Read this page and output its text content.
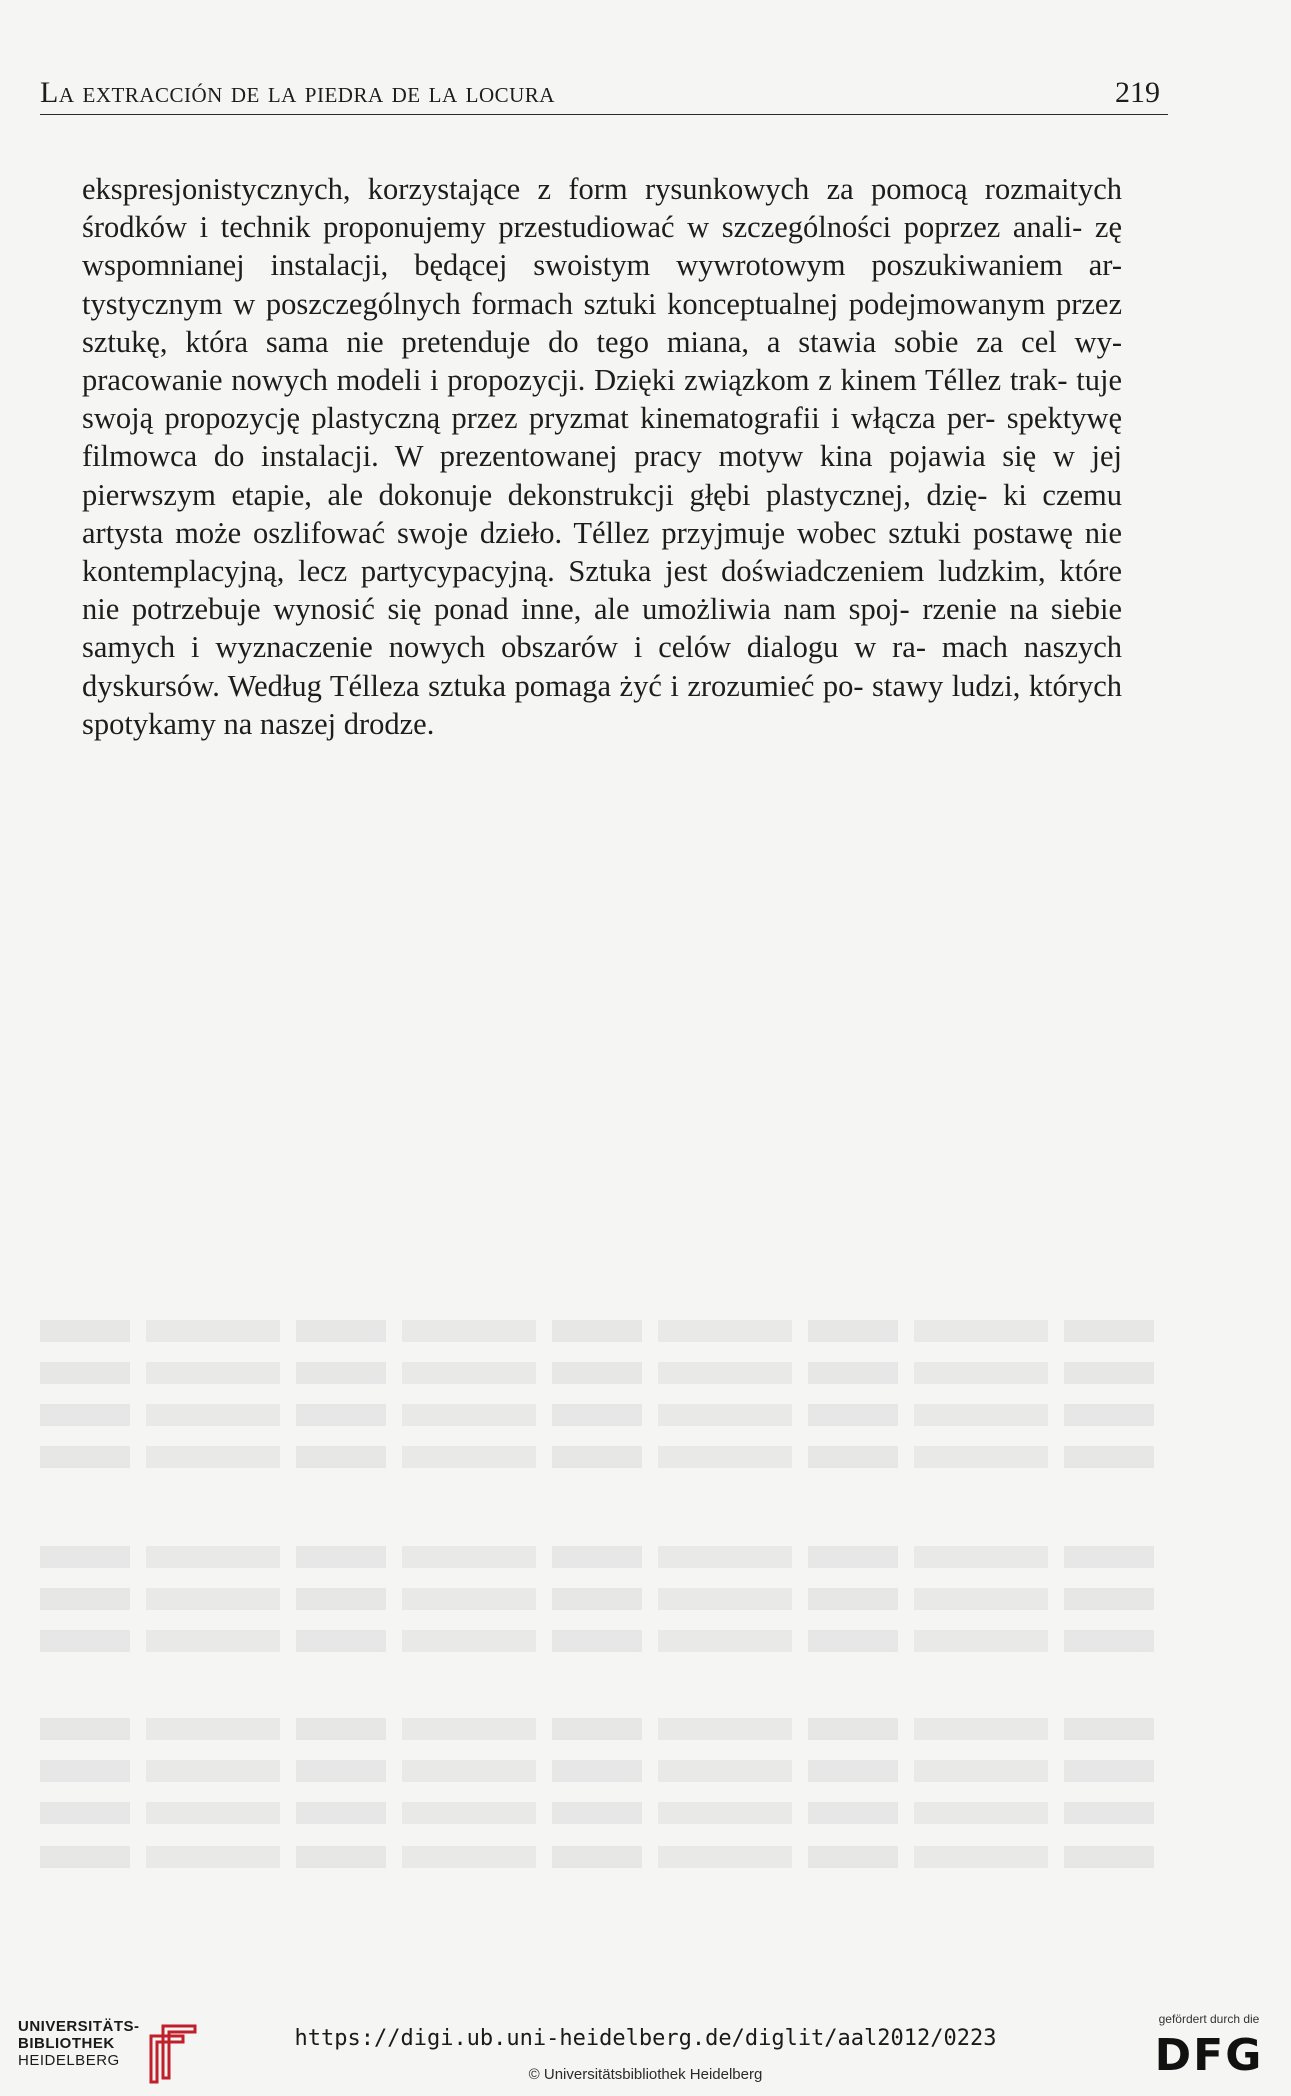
La extracción de la piedra de la locura	219

ekspresjonistycznych, korzystające z form rysunkowych za pomocą rozmaitych środków i technik proponujemy przestudiować w szczególności poprzez anali- zę wspomnianej instalacji, będącej swoistym wywrotowym poszukiwaniem ar- tystycznym w poszczególnych formach sztuki konceptualnej podejmowanym przez sztukę, która sama nie pretenduje do tego miana, a stawia sobie za cel wy- pracowanie nowych modeli i propozycji. Dzięki związkom z kinem Téllez trak- tuje swoją propozycję plastyczną przez pryzmat kinematografii i włącza per- spektywę filmowca do instalacji. W prezentowanej pracy motyw kina pojawia się w jej pierwszym etapie, ale dokonuje dekonstrukcji głębi plastycznej, dzię- ki czemu artysta może oszlifować swoje dzieło. Téllez przyjmuje wobec sztuki postawę nie kontemplacyjną, lecz partycypacyjną. Sztuka jest doświadczeniem ludzkim, które nie potrzebuje wynosić się ponad inne, ale umożliwia nam spoj- rzenie na siebie samych i wyznaczenie nowych obszarów i celów dialogu w ra- mach naszych dyskursów. Według Télleza sztuka pomaga żyć i zrozumieć po- stawy ludzi, których spotykamy na naszej drodze.

UNIVERSITÄTS-
BIBLIOTHEK
HEIDELBERG
https://digi.ub.uni-heidelberg.de/diglit/aal2012/0223
© Universitätsbibliothek Heidelberg
gefördert durch die
DFG
